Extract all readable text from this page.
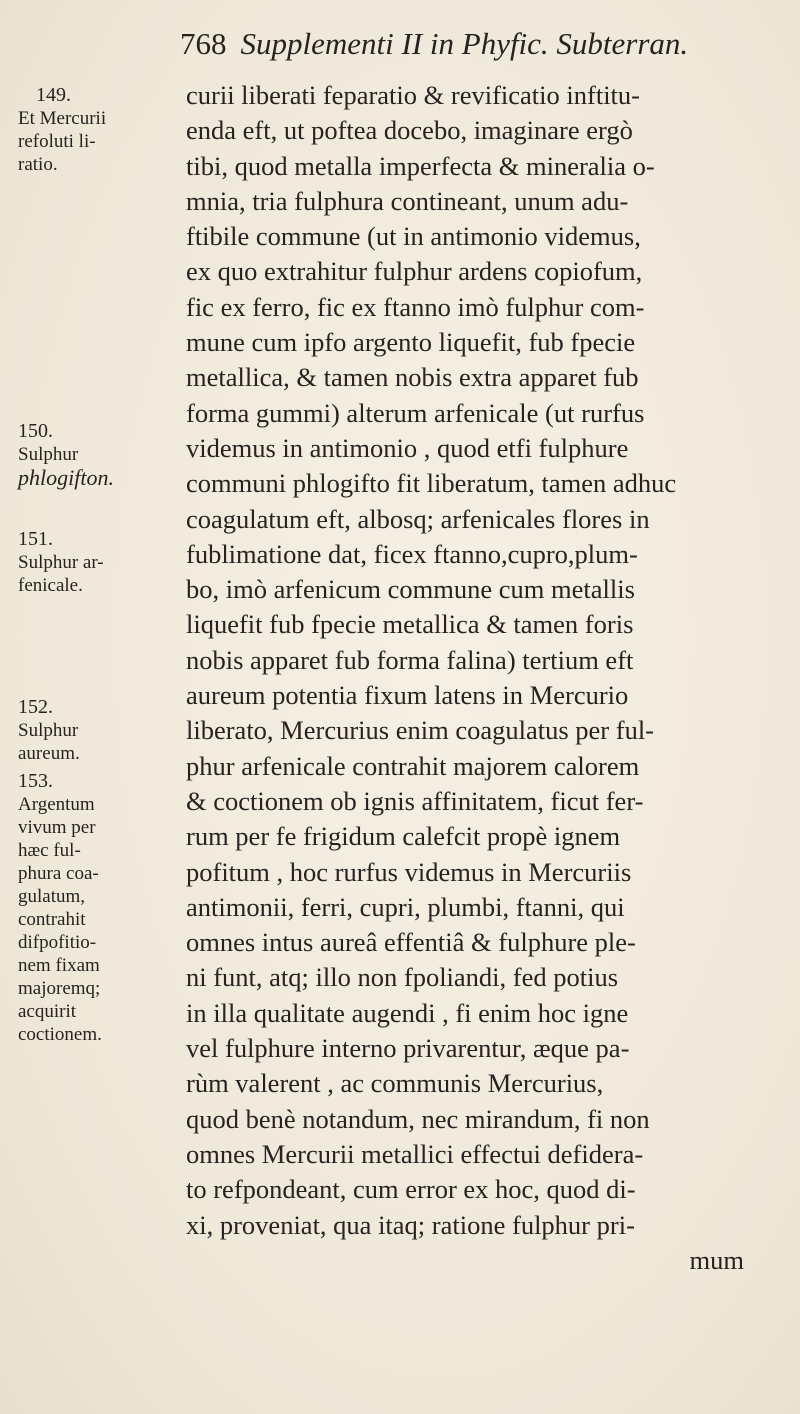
768 Supplementi II in Phyfic. Subterran.
curii liberati feparatio & revificatio inftitu-
enda eft, ut poftea docebo, imaginare ergò
tibi, quod metalla imperfecta & mineralia o-
mnia, tria fulphura contineant, unum adu-
ftibile commune (ut in antimonio videmus,
ex quo extrahitur fulphur ardens copiofum,
fic ex ferro, fic ex ftanno imò fulphur com-
mune cum ipfo argento liquefit, fub fpecie
metallica, & tamen nobis extra apparet fub
forma gummi) alterum arfenicale (ut rurfus
videmus in antimonio , quod etfi fulphure
communi phlogifto fit liberatum, tamen adhuc
coagulatum eft, albosq; arfenicales flores in
fublimatione dat, ficex ftanno,cupro,plum-
bo, imò arfenicum commune cum metallis
liquefit fub fpecie metallica & tamen foris
nobis apparet fub forma falina) tertium eft
aureum potentia fixum latens in Mercurio
liberato, Mercurius enim coagulatus per ful-
phur arfenicale contrahit majorem calorem
& coctionem ob ignis affinitatem, ficut fer-
rum per fe frigidum calefcit propè ignem
pofitum , hoc rurfus videmus in Mercuriis
antimonii, ferri, cupri, plumbi, ftanni, qui
omnes intus aureâ effentiâ & fulphure ple-
ni funt, atq; illo non fpoliandi, fed potius
in illa qualitate augendi , fi enim hoc igne
vel fulphure interno privarentur, æque pa-
rùm valerent , ac communis Mercurius,
quod benè notandum, nec mirandum, fi non
omnes Mercurii metallici effectui defidera-
to refpondeant, cum error ex hoc, quod di-
xi, proveniat, qua itaq; ratione fulphur pri-
mum
149.
Et Mercurii
refoluti li-
ratio.
150.
Sulphur
phlogifton.
151.
Sulphur ar-
fenicale.
152.
Sulphur
aureum.
153.
Argentum
vivum per
hæc ful-
phura coa-
gulatum,
contrahit
difpofitio-
nem fixam
majoremq;
acquirit
coctionem.
